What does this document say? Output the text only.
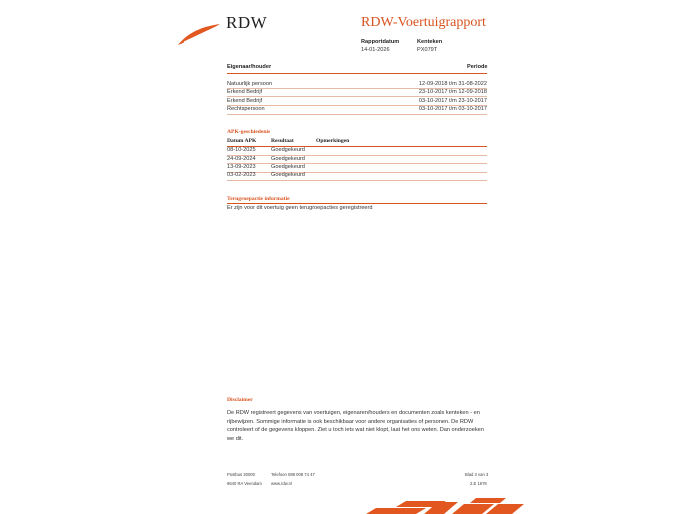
RDW	RDW-Voertuigrapport
Rapportdatum
14-01-2026
Kenteken
PX079T
Eigenaar/houder	Periode
Natuurlijk persoon	12-09-2018 t/m 31-08-2022
Erkend Bedrijf	23-10-2017 t/m 12-09-2018
Erkend Bedrijf	03-10-2017 t/m 23-10-2017
Rechtspersoon	03-10-2017 t/m 03-10-2017
APK-geschiedenis
Datum APK	Resultaat	Opmerkingen
08-10-2025	Goedgekeurd
24-09-2024	Goedgekeurd
13-09-2023	Goedgekeurd
03-02-2023	Goedgekeurd
Terugroepactie informatie
Er zijn voor dit voertuig geen terugroepacties geregistreerd
Disclaimer
De RDW registreert gegevens van voertuigen, eigenaren/houders en documenten zoals kenteken - en rijbewijzen. Sommige informatie is ook beschikbaar voor andere organisaties of personen. De RDW controleert of de gegevens kloppen. Ziet u toch iets wat niet klopt, laat het ons weten. Dan onderzoeken we dit.
Postbus 30000
9640 RA Veendam
Telefoon 088 008 74 47
www.rdw.nl
Blad 3 van 3
2.E 1678
